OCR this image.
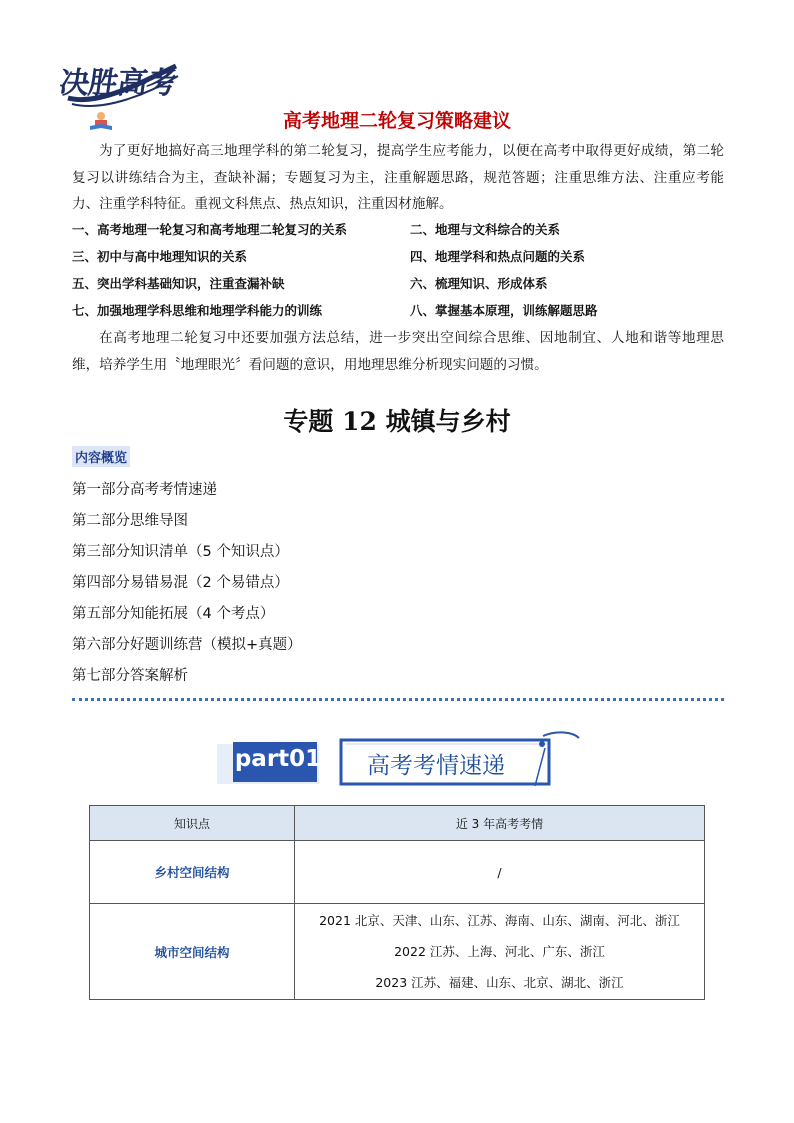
决胜高考
高考地理二轮复习策略建议
为了更好地搞好高三地理学科的第二轮复习，提高学生应考能力，以便在高考中取得更好成绩，第二轮复习以讲练结合为主，查缺补漏；专题复习为主，注重解题思路，规范答题；注重思维方法、注重应考能力、注重学科特征。重视文科焦点、热点知识，注重因材施解。
一、高考地理一轮复习和高考地理二轮复习的关系	二、地理与文科综合的关系
三、初中与高中地理知识的关系	四、地理学科和热点问题的关系
五、突出学科基础知识，注重查漏补缺	六、梳理知识、形成体系
七、加强地理学科思维和地理学科能力的训练	八、掌握基本原理，训练解题思路
在高考地理二轮复习中还要加强方法总结，进一步突出空间综合思维、因地制宜、人地和谐等地理思维，培养学生用〝地理眼光〞看问题的意识，用地理思维分析现实问题的习惯。
专题 12 城镇与乡村
内容概览
第一部分高考考情速递
第二部分思维导图
第三部分知识清单（5 个知识点）
第四部分易错易混（2 个易错点）
第五部分知能拓展（4 个考点）
第六部分好题训练营（模拟+真题）
第七部分答案解析
part01 高考考情速递
知识点	近 3 年高考考情
乡村空间结构	/

城市空间结构	2021 北京、天津、山东、江苏、海南、山东、湖南、河北、浙江
2022 江苏、上海、河北、广东、浙江
2023 江苏、福建、山东、北京、湖北、浙江
